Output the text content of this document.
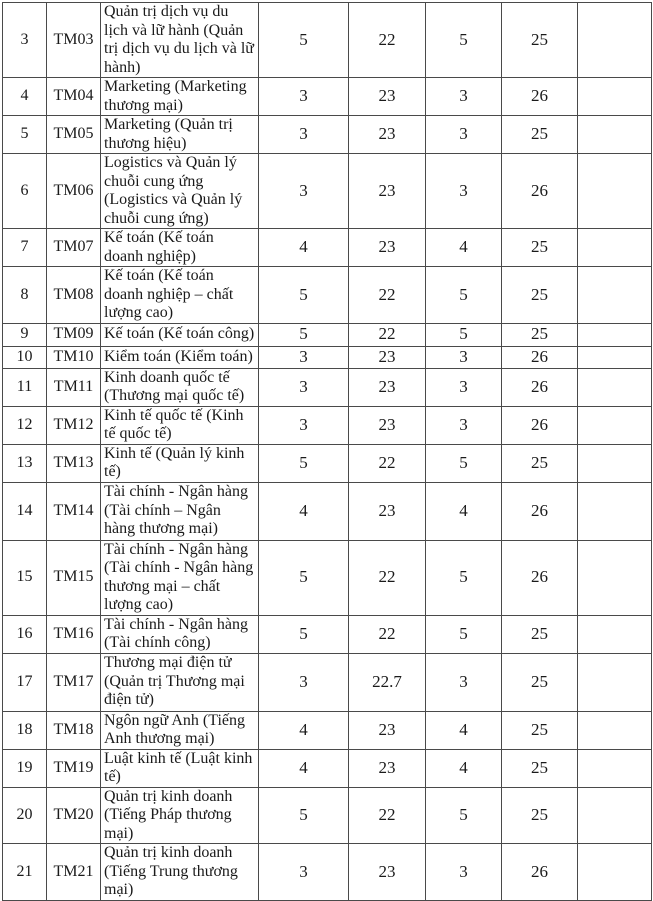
3	TM03	Quản trị dịch vụ du lịch và lữ hành (Quản trị dịch vụ du lịch và lữ hành)	5	22	5	25	
4	TM04	Marketing (Marketing thương mại)	3	23	3	26	
5	TM05	Marketing (Quản trị thương hiệu)	3	23	3	25	
6	TM06	Logistics và Quản lý chuỗi cung ứng (Logistics và Quản lý chuỗi cung ứng)	3	23	3	26	
7	TM07	Kế toán (Kế toán doanh nghiệp)	4	23	4	25	
8	TM08	Kế toán (Kế toán doanh nghiệp – chất lượng cao)	5	22	5	25	
9	TM09	Kế toán (Kế toán công)	5	22	5	25	
10	TM10	Kiểm toán (Kiểm toán)	3	23	3	26	
11	TM11	Kinh doanh quốc tế (Thương mại quốc tế)	3	23	3	26	
12	TM12	Kinh tế quốc tế (Kinh tế quốc tế)	3	23	3	26	
13	TM13	Kinh tế (Quản lý kinh tế)	5	22	5	25	
14	TM14	Tài chính - Ngân hàng (Tài chính – Ngân hàng thương mại)	4	23	4	26	
15	TM15	Tài chính - Ngân hàng (Tài chính - Ngân hàng thương mại – chất lượng cao)	5	22	5	26	
16	TM16	Tài chính - Ngân hàng (Tài chính công)	5	22	5	25	
17	TM17	Thương mại điện tử (Quản trị Thương mại điện tử)	3	22.7	3	25	
18	TM18	Ngôn ngữ Anh (Tiếng Anh thương mại)	4	23	4	25	
19	TM19	Luật kinh tế (Luật kinh tế)	4	23	4	25	
20	TM20	Quản trị kinh doanh (Tiếng Pháp thương mại)	5	22	5	25	
21	TM21	Quản trị kinh doanh (Tiếng Trung thương mại)	3	23	3	26	
